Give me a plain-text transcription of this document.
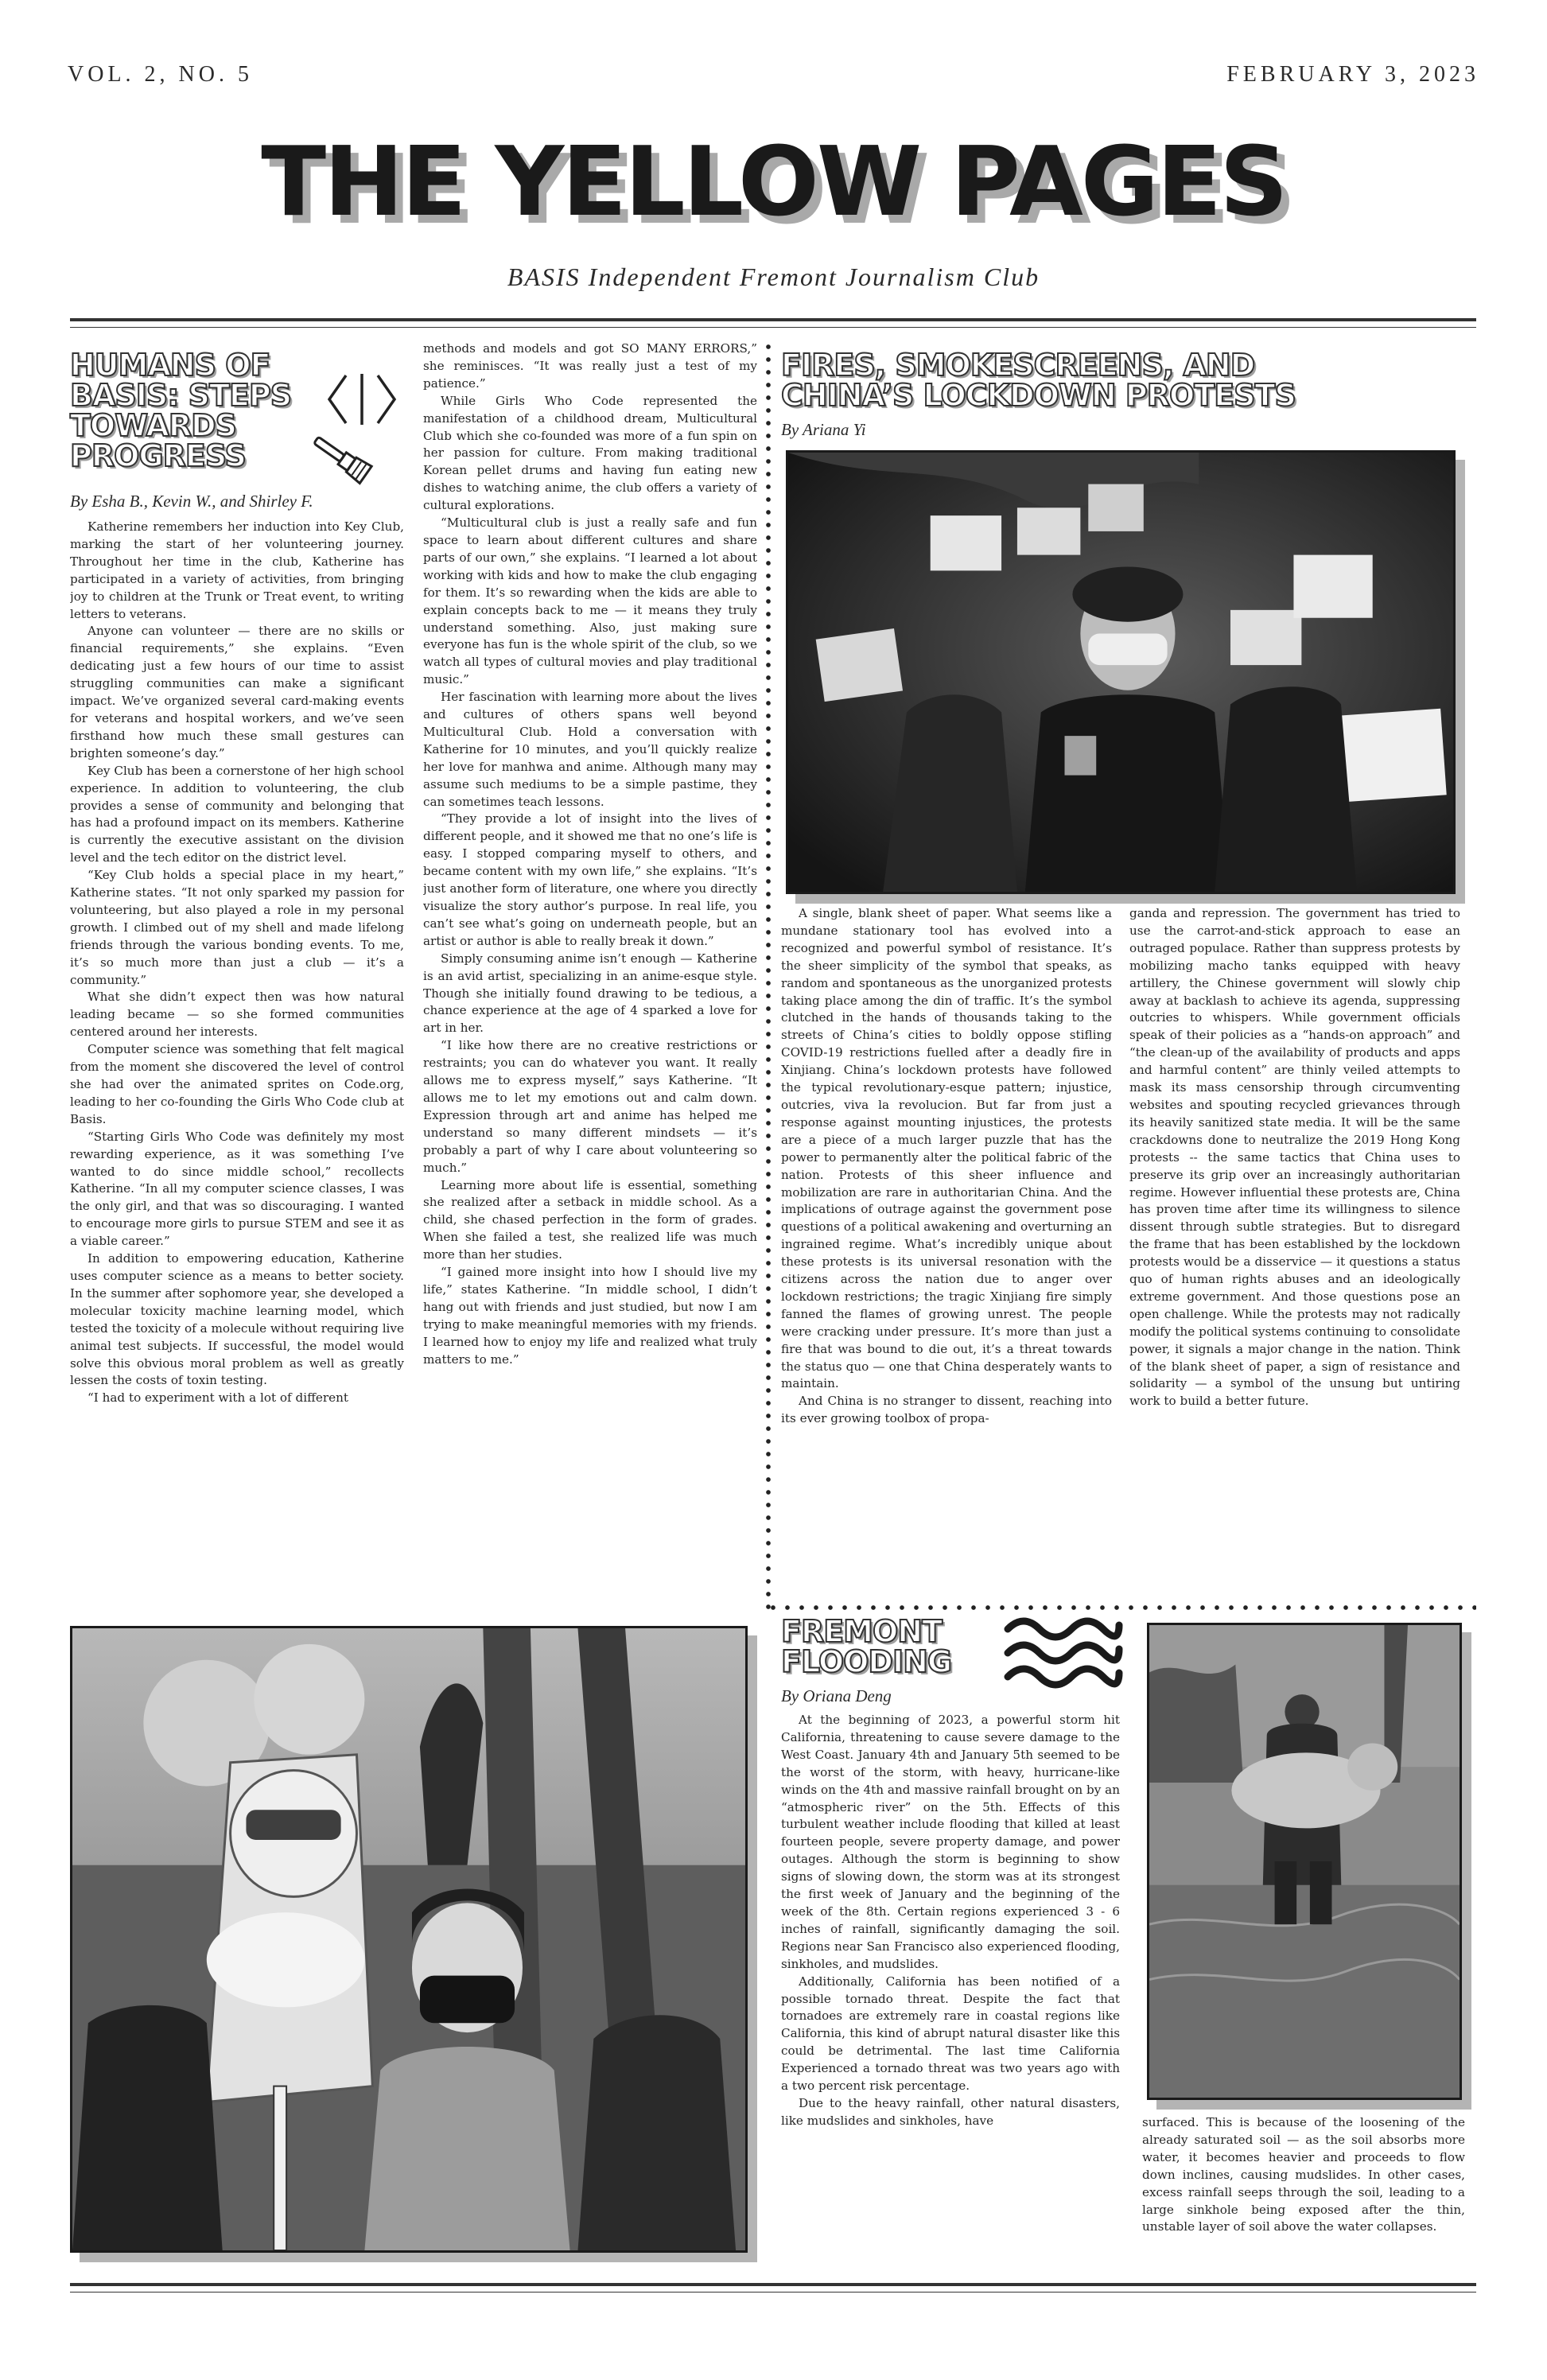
VOL. 2, NO. 5	FEBRUARY 3, 2023
THE YELLOW PAGES
BASIS Independent Fremont Journalism Club
HUMANS OF
BASIS: STEPS
TOWARDS
PROGRESS
By Esha B., Kevin W., and Shirley F.

Katherine remembers her induction into Key Club, marking the start of her volunteering journey. Throughout her time in the club, Katherine has participated in a variety of activities, from bringing joy to children at the Trunk or Treat event, to writing letters to veterans.

Anyone can volunteer — there are no skills or financial requirements,” she explains. “Even dedicating just a few hours of our time to assist struggling communities can make a significant impact. We’ve organized several card-making events for veterans and hospital workers, and we’ve seen firsthand how much these small gestures can brighten someone’s day.”

Key Club has been a cornerstone of her high school experience. In addition to volunteering, the club provides a sense of community and belonging that has had a profound impact on its members. Katherine is currently the executive assistant on the division level and the tech editor on the district level.

“Key Club holds a special place in my heart,” Katherine states. “It not only sparked my passion for volunteering, but also played a role in my personal growth. I climbed out of my shell and made lifelong friends through the various bonding events. To me, it’s so much more than just a club — it’s a community.”

What she didn’t expect then was how natural leading became — so she formed communities centered around her interests.

Computer science was something that felt magical from the moment she discovered the level of control she had over the animated sprites on Code.org, leading to her co-founding the Girls Who Code club at Basis.

“Starting Girls Who Code was definitely my most rewarding experience, as it was something I’ve wanted to do since middle school,” recollects Katherine. “In all my computer science classes, I was the only girl, and that was so discouraging. I wanted to encourage more girls to pursue STEM and see it as a viable career.”

In addition to empowering education, Katherine uses computer science as a means to better society. In the summer after sophomore year, she developed a molecular toxicity machine learning model, which tested the toxicity of a molecule without requiring live animal test subjects. If successful, the model would solve this obvious moral problem as well as greatly lessen the costs of toxin testing.

“I had to experiment with a lot of different

methods and models and got SO MANY ERRORS,” she reminisces. “It was really just a test of my patience.”

While Girls Who Code represented the manifestation of a childhood dream, Multicultural Club which she co-founded was more of a fun spin on her passion for culture. From making traditional Korean pellet drums and having fun eating new dishes to watching anime, the club offers a variety of cultural explorations.

“Multicultural club is just a really safe and fun space to learn about different cultures and share parts of our own,” she explains. “I learned a lot about working with kids and how to make the club engaging for them. It’s so rewarding when the kids are able to explain concepts back to me — it means they truly understand something. Also, just making sure everyone has fun is the whole spirit of the club, so we watch all types of cultural movies and play traditional music.”

Her fascination with learning more about the lives and cultures of others spans well beyond Multicultural Club. Hold a conversation with Katherine for 10 minutes, and you’ll quickly realize her love for manhwa and anime. Although many may assume such mediums to be a simple pastime, they can sometimes teach lessons.

“They provide a lot of insight into the lives of different people, and it showed me that no one’s life is easy. I stopped comparing myself to others, and became content with my own life,” she explains. “It’s just another form of literature, one where you directly visualize the story author’s purpose. In real life, you can’t see what’s going on underneath people, but an artist or author is able to really break it down.”

Simply consuming anime isn’t enough — Katherine is an avid artist, specializing in an anime-esque style. Though she initially found drawing to be tedious, a chance experience at the age of 4 sparked a love for art in her.

“I like how there are no creative restrictions or restraints; you can do whatever you want. It really allows me to express myself,” says Katherine. “It allows me to let my emotions out and calm down. Expression through art and anime has helped me understand so many different mindsets — it’s probably a part of why I care about volunteering so much.”

Learning more about life is essential, something she realized after a setback in middle school. As a child, she chased perfection in the form of grades. When she failed a test, she realized life was much more than her studies.

“I gained more insight into how I should live my life,” states Katherine. “In middle school, I didn’t hang out with friends and just studied, but now I am trying to make meaningful memories with my friends. I learned how to enjoy my life and realized what truly matters to me.”

FIRES, SMOKESCREENS, AND
CHINA’S LOCKDOWN PROTESTS
By Ariana Yi

A single, blank sheet of paper. What seems like a mundane stationary tool has evolved into a recognized and powerful symbol of resistance. It’s the sheer simplicity of the symbol that speaks, as random and spontaneous as the unorganized protests taking place among the din of traffic. It’s the symbol clutched in the hands of thousands taking to the streets of China’s cities to boldly oppose stifling COVID-19 restrictions fuelled after a deadly fire in Xinjiang. China’s lockdown protests have followed the typical revolutionary-esque pattern; injustice, outcries, viva la revolucion. But far from just a response against mounting injustices, the protests are a piece of a much larger puzzle that has the power to permanently alter the political fabric of the nation. Protests of this sheer influence and mobilization are rare in authoritarian China. And the implications of outrage against the government pose questions of a political awakening and overturning an ingrained regime. What’s incredibly unique about these protests is its universal resonation with the citizens across the nation due to anger over lockdown restrictions; the tragic Xinjiang fire simply fanned the flames of growing unrest. The people were cracking under pressure. It’s more than just a fire that was bound to die out, it’s a threat towards the status quo — one that China desperately wants to maintain.

And China is no stranger to dissent, reaching into its ever growing toolbox of propa-

ganda and repression. The government has tried to use the carrot-and-stick approach to ease an outraged populace. Rather than suppress protests by mobilizing macho tanks equipped with heavy artillery, the Chinese government will slowly chip away at backlash to achieve its agenda, suppressing outcries to whispers. While government officials speak of their policies as a “hands-on approach” and “the clean-up of the availability of products and apps and harmful content” are thinly veiled attempts to mask its mass censorship through circumventing websites and spouting recycled grievances through its heavily sanitized state media. It will be the same crackdowns done to neutralize the 2019 Hong Kong protests -- the same tactics that China uses to preserve its grip over an increasingly authoritarian regime. However influential these protests are, China has proven time after time its willingness to silence dissent through subtle strategies. But to disregard the frame that has been established by the lockdown protests would be a disservice — it questions a status quo of human rights abuses and an ideologically extreme government. And those questions pose an open challenge. While the protests may not radically modify the political systems continuing to consolidate power, it signals a major change in the nation. Think of the blank sheet of paper, a sign of resistance and solidarity — a symbol of the unsung but untiring work to build a better future.

FREMONT
FLOODING
By Oriana Deng

At the beginning of 2023, a powerful storm hit California, threatening to cause severe damage to the West Coast. January 4th and January 5th seemed to be the worst of the storm, with heavy, hurricane-like winds on the 4th and massive rainfall brought on by an “atmospheric river” on the 5th. Effects of this turbulent weather include flooding that killed at least fourteen people, severe property damage, and power outages. Although the storm is beginning to show signs of slowing down, the storm was at its strongest the first week of January and the beginning of the week of the 8th. Certain regions experienced 3 - 6 inches of rainfall, significantly damaging the soil. Regions near San Francisco also experienced flooding, sinkholes, and mudslides.

Additionally, California has been notified of a possible tornado threat. Despite the fact that tornadoes are extremely rare in coastal regions like California, this kind of abrupt natural disaster like this could be detrimental. The last time California Experienced a tornado threat was two years ago with a two percent risk percentage.

Due to the heavy rainfall, other natural disasters, like mudslides and sinkholes, have	surfaced. This is because of the loosening of the already saturated soil — as the soil absorbs more water, it becomes heavier and proceeds to flow down inclines, causing mudslides. In other cases, excess rainfall seeps through the soil, leading to a large sinkhole being exposed after the thin, unstable layer of soil above the water collapses.
